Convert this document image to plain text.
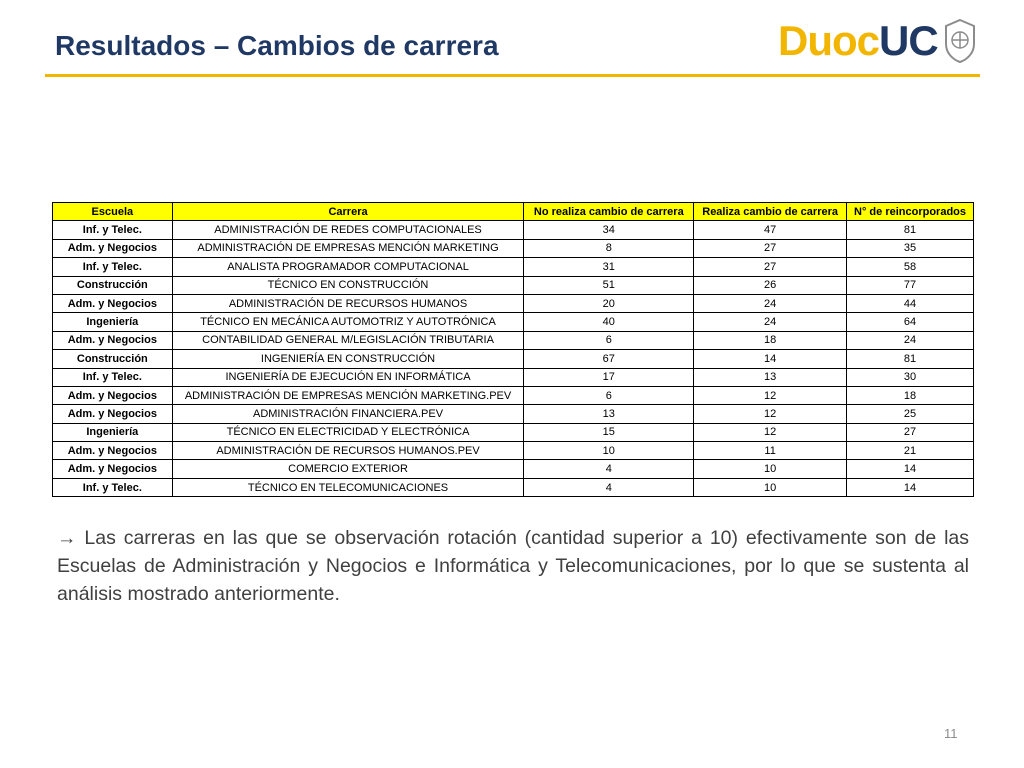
Resultados – Cambios de carrera	Duoc UC
Escuela	Carrera	No realiza cambio de carrera	Realiza cambio de carrera	N° de reincorporados
Inf. y Telec.	ADMINISTRACIÓN DE REDES COMPUTACIONALES	34	47	81
Adm. y Negocios	ADMINISTRACIÓN DE EMPRESAS MENCIÓN MARKETING	8	27	35
Inf. y Telec.	ANALISTA PROGRAMADOR COMPUTACIONAL	31	27	58
Construcción	TÉCNICO EN CONSTRUCCIÓN	51	26	77
Adm. y Negocios	ADMINISTRACIÓN DE RECURSOS HUMANOS	20	24	44
Ingeniería	TÉCNICO EN MECÁNICA AUTOMOTRIZ Y AUTOTRÓNICA	40	24	64
Adm. y Negocios	CONTABILIDAD GENERAL M/LEGISLACIÓN TRIBUTARIA	6	18	24
Construcción	INGENIERÍA EN CONSTRUCCIÓN	67	14	81
Inf. y Telec.	INGENIERÍA DE EJECUCIÓN EN INFORMÁTICA	17	13	30
Adm. y Negocios	ADMINISTRACIÓN DE EMPRESAS MENCIÓN MARKETING.PEV	6	12	18
Adm. y Negocios	ADMINISTRACIÓN FINANCIERA.PEV	13	12	25
Ingeniería	TÉCNICO EN ELECTRICIDAD Y ELECTRÓNICA	15	12	27
Adm. y Negocios	ADMINISTRACIÓN DE RECURSOS HUMANOS.PEV	10	11	21
Adm. y Negocios	COMERCIO EXTERIOR	4	10	14
Inf. y Telec.	TÉCNICO EN TELECOMUNICACIONES	4	10	14
→ Las carreras en las que se observación rotación (cantidad superior a 10) efectivamente son de las Escuelas de Administración y Negocios e Informática y Telecomunicaciones, por lo que se sustenta al análisis mostrado anteriormente.
11
